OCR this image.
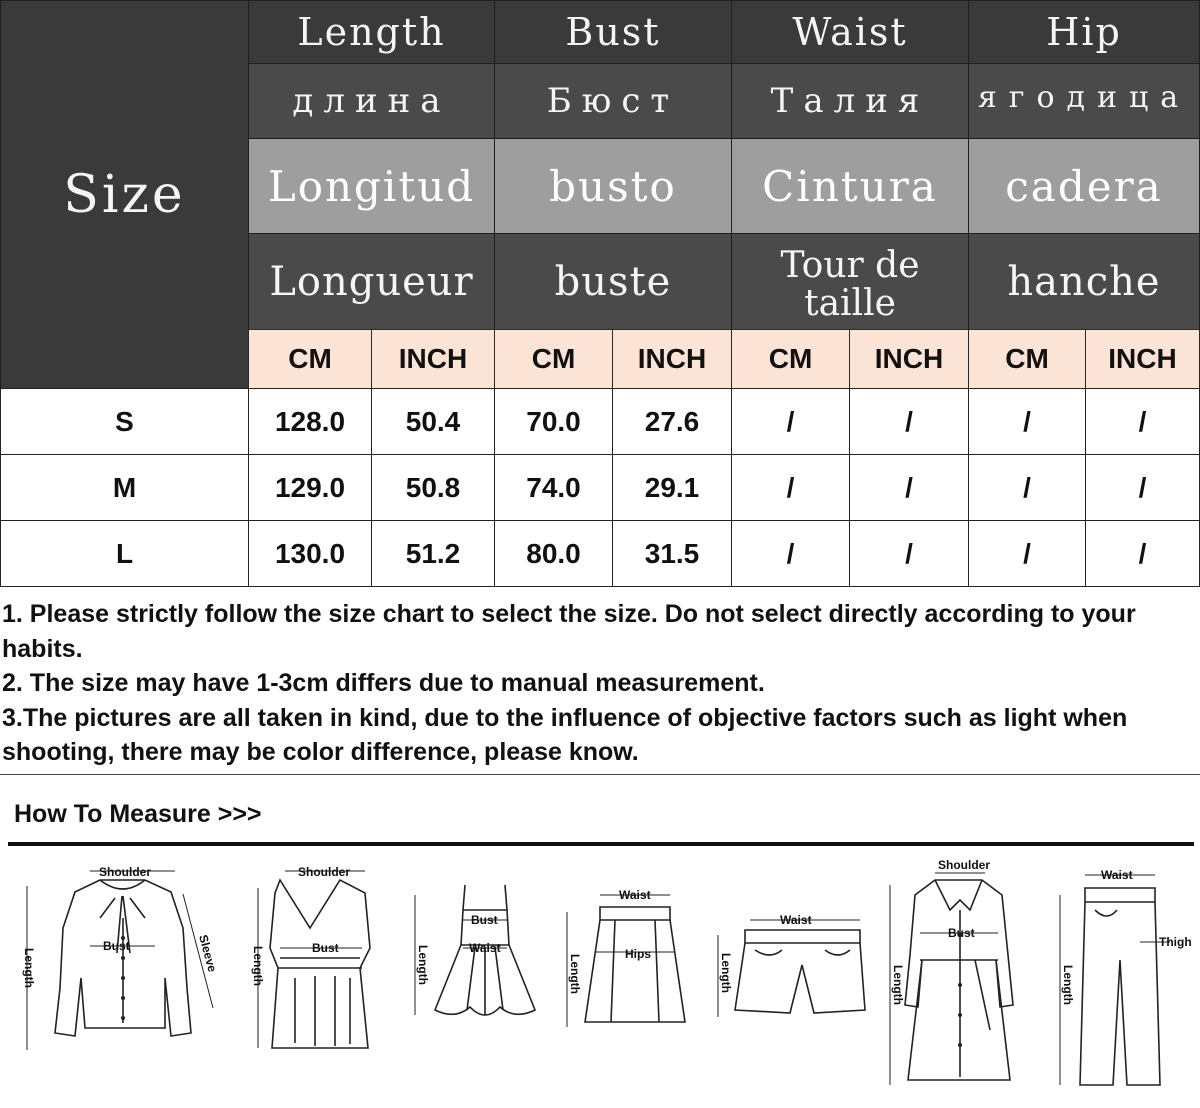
Size
Length	Bust	Waist	Hip
длина	Бюст	Талия	ягодица
Longitud	busto	Cintura	cadera
Longueur	buste	Tour de taille	hanche
CM	INCH	CM	INCH	CM	INCH	CM	INCH
S	128.0	50.4	70.0	27.6	/	/	/	/
M	129.0	50.8	74.0	29.1	/	/	/	/
L	130.0	51.2	80.0	31.5	/	/	/	/

1. Please strictly follow the size chart to select the size. Do not select directly according to your habits.

2. The size may have 1-3cm differs due to manual measurement.

3.The pictures are all taken in kind, due to the influence of objective factors such as light when shooting, there may be color difference, please know.

How To Measure >>>
Shoulder
Bust	Sleeve
Length
Shoulder
Bust
Length
Bust
Waist
Length
Waist
Hips
Length
Waist
Length
Shoulder
Bust
Length
Waist
Thigh
Length
